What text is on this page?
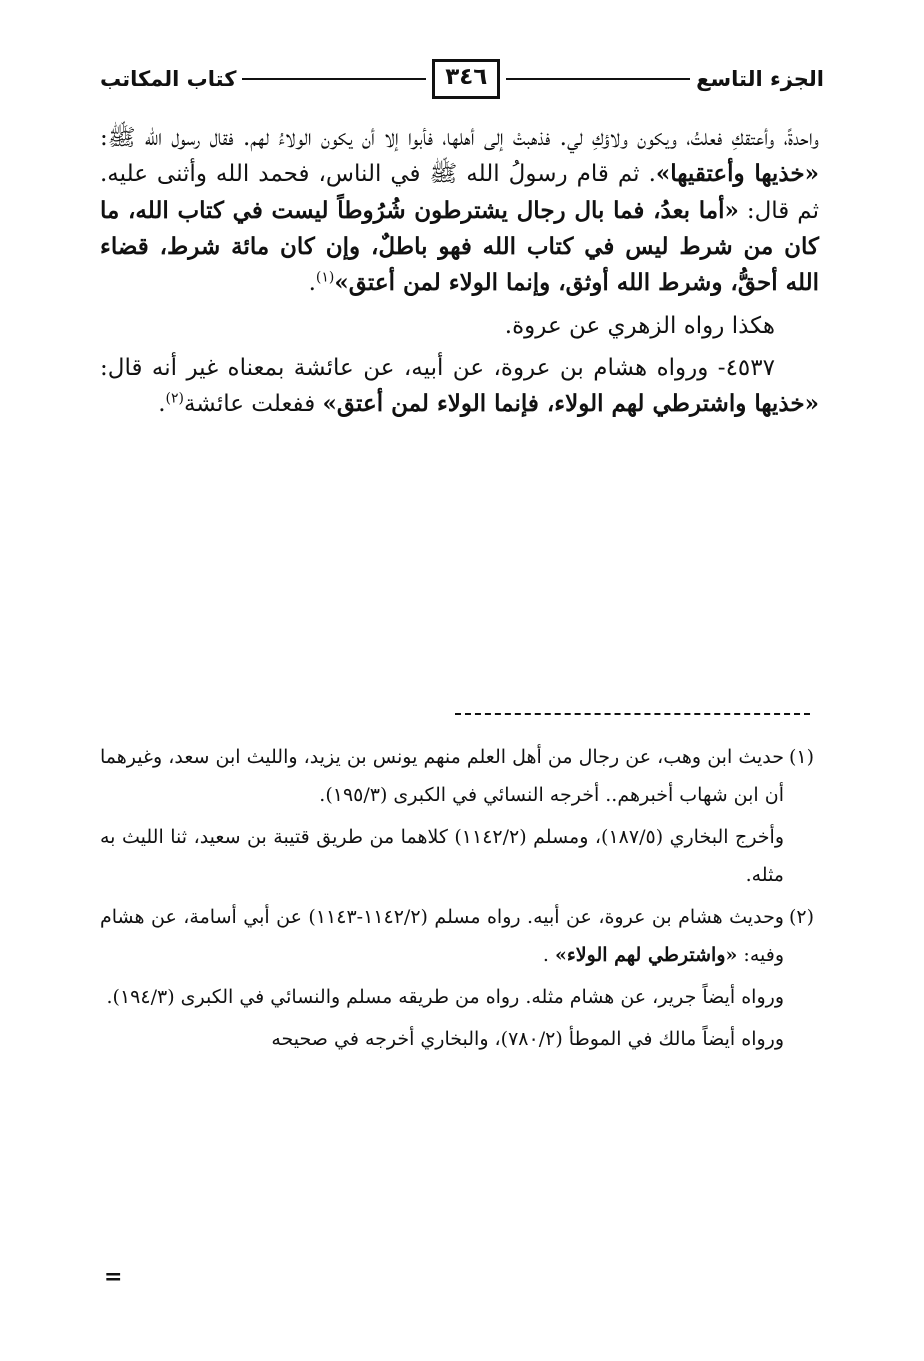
الجزء التاسع
٣٤٦
كتاب المكاتب

واحدةً، وأعتقكِ فعلتُ، ويكون ولاؤكِ لي. فذهبتْ إلى أهلها، فأبوا إلا أن يكون الولاءُ لهم. فقال رسول الله ﷺ: «خذيها وأعتقيها». ثم قام رسولُ الله ﷺ في الناس، فحمد الله وأثنى عليه. ثم قال: «أما بعدُ، فما بال رجال يشترطون شُرُوطاً ليست في كتاب الله، ما كان من شرط ليس في كتاب الله فهو باطلٌ، وإن كان مائة شرط، قضاء الله أحقُّ، وشرط الله أوثق، وإنما الولاء لمن أعتق»$^{(١)}$.

هكذا رواه الزهري عن عروة.

٤٥٣٧- ورواه هشام بن عروة، عن أبيه، عن عائشة بمعناه غير أنه قال: «خذيها واشترطي لهم الولاء، فإنما الولاء لمن أعتق» ففعلت عائشة$^{(٢)}$.

(١)حديث ابن وهب، عن رجال من أهل العلم منهم يونس بن يزيد، والليث ابن سعد، وغيرهما أن ابن شهاب أخبرهم.. أخرجه النسائي في الكبرى (١٩٥/٣).

وأخرج البخاري (١٨٧/٥)، ومسلم (١١٤٢/٢) كلاهما من طريق قتيبة بن سعيد، ثنا الليث به مثله.

(٢)وحديث هشام بن عروة، عن أبيه. رواه مسلم (١١٤٢/٢-١١٤٣) عن أبي أسامة، عن هشام وفيه: «واشترطي لهم الولاء» .

ورواه أيضاً جرير، عن هشام مثله. رواه من طريقه مسلم والنسائي في الكبرى (١٩٤/٣).

ورواه أيضاً مالك في الموطأ (٧٨٠/٢)، والبخاري أخرجه في صحيحه

=
